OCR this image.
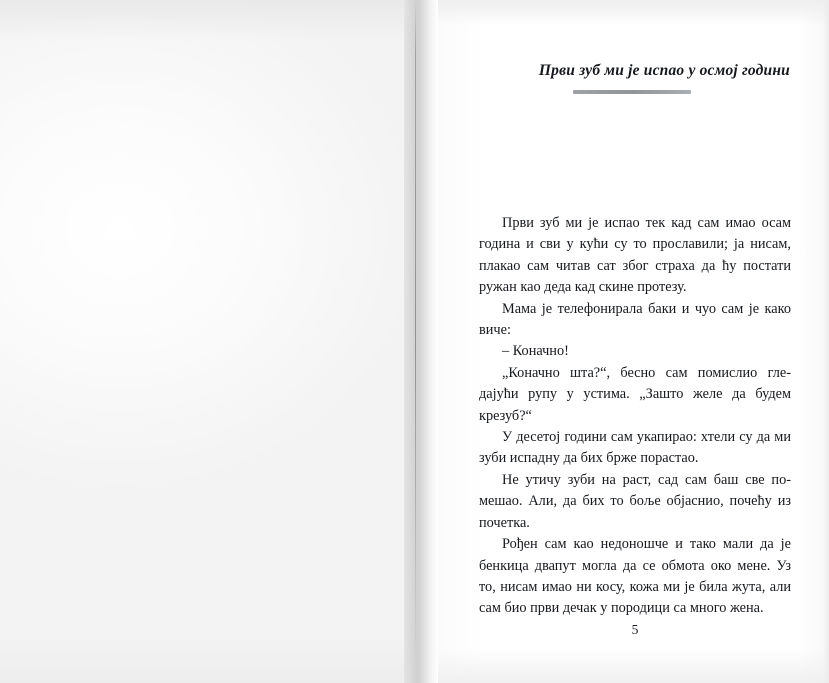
Први зуб ми је испао у осмој години

Први зуб ми је испао тек кад сам имао осам година и сви у кући су то прославили; ја нисам, плакао сам читав сат због страха да ћу постати ружан као деда кад скине протезу.

Мама је телефонирала баки и чуо сам је како виче:

– Коначно!

„Коначно шта?“, бесно сам помислио гледајући рупу у устима. „Зашто желе да будем крезуб?“

У десетој години сам укапирао: хтели су да ми зуби испадну да бих брже порастао.

Не утичу зуби на раст, сад сам баш све помешао. Али, да бих то боље објаснио, почећу из почетка.

Рођен сам као недоношче и тако мали да је бенкица двапут могла да се обмота око мене. Уз то, нисам имао ни косу, кожа ми је била жута, али сам био први дечак у породици са много жена.

5
